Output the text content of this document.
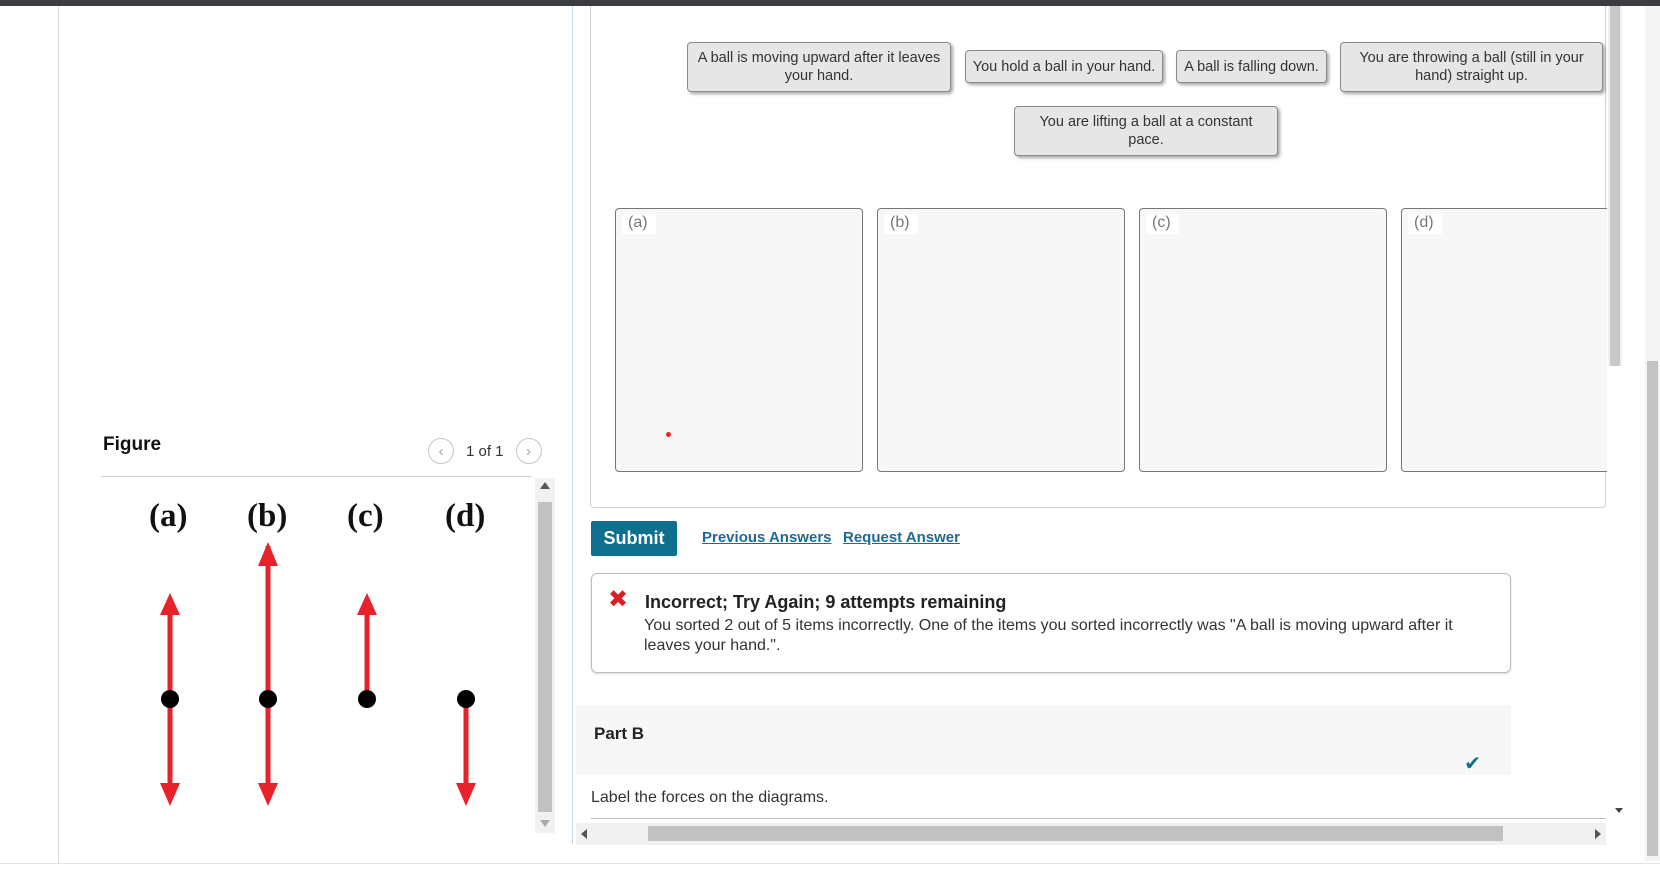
Figure	‹ 1 of 1 ›
(a) (b) (c) (d)
A ball is moving upward after it leaves your hand.
You hold a ball in your hand.	A ball is falling down.
You are throwing a ball (still in your hand) straight up.
You are lifting a ball at a constant pace.
(a)	(b)	(c)	(d)
Submit	Previous Answers Request Answer
✖ Incorrect; Try Again; 9 attempts remaining
You sorted 2 out of 5 items incorrectly. One of the items you sorted incorrectly was "A ball is moving upward after it leaves your hand.".
Part B
✔
Label the forces on the diagrams.
